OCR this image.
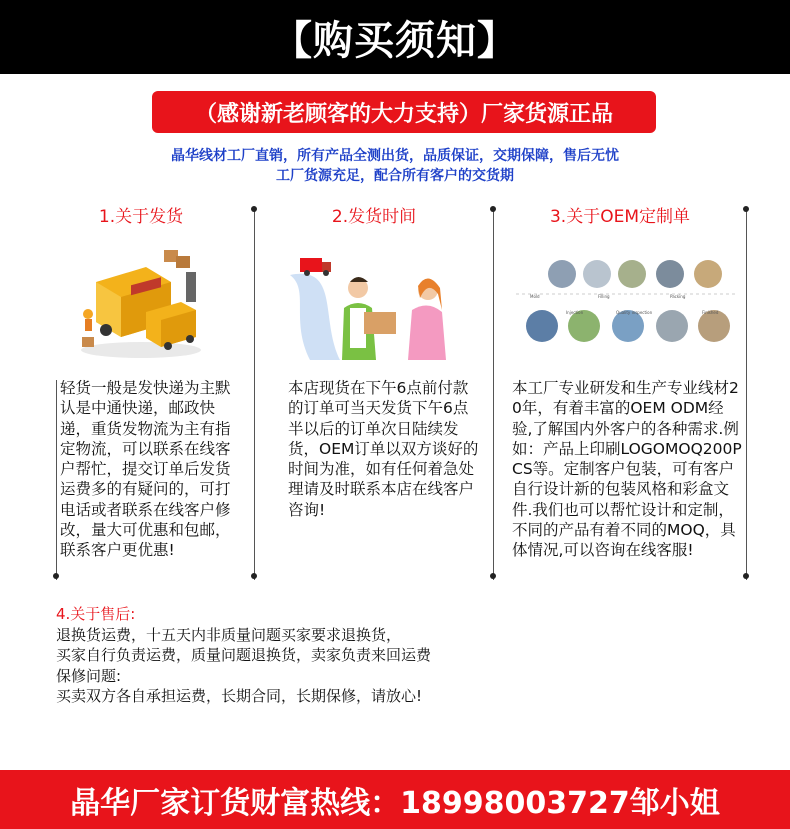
【购买须知】
（感谢新老顾客的大力支持）厂家货源正品
晶华线材工厂直销，所有产品全测出货，品质保证，交期保障，售后无忧
工厂货源充足，配合所有客户的交货期
1.关于发货	2.发货时间	3.关于OEM定制单
Mold
Injection
Filling
Quality inspection
Packing
Finished
轻货一般是发快递为主默认是中通快递，邮政快递，重货发物流为主有指定物流，可以联系在线客户帮忙，提交订单后发货运费多的有疑问的，可打电话或者联系在线客户修改，量大可优惠和包邮，联系客户更优惠!
本店现货在下午6点前付款的订单可当天发货下午6点半以后的订单次日陆续发货，OEM订单以双方谈好的时间为准，如有任何着急处理请及时联系本店在线客户咨询!
本工厂专业研发和生产专业线材20年，有着丰富的OEM ODM经验,了解国内外客户的各种需求.例如：产品上印刷LOGOMOQ200PCS等。定制客户包装，可有客户自行设计新的包装风格和彩盒文件.我们也可以帮忙设计和定制，不同的产品有着不同的MOQ，具体情况,可以咨询在线客服!
4.关于售后:
退换货运费，十五天内非质量问题买家要求退换货，
买家自行负责运费，质量问题退换货，卖家负责来回运费
保修问题:
买卖双方各自承担运费，长期合同，长期保修，请放心!
晶华厂家订货财富热线：18998003727邹小姐
